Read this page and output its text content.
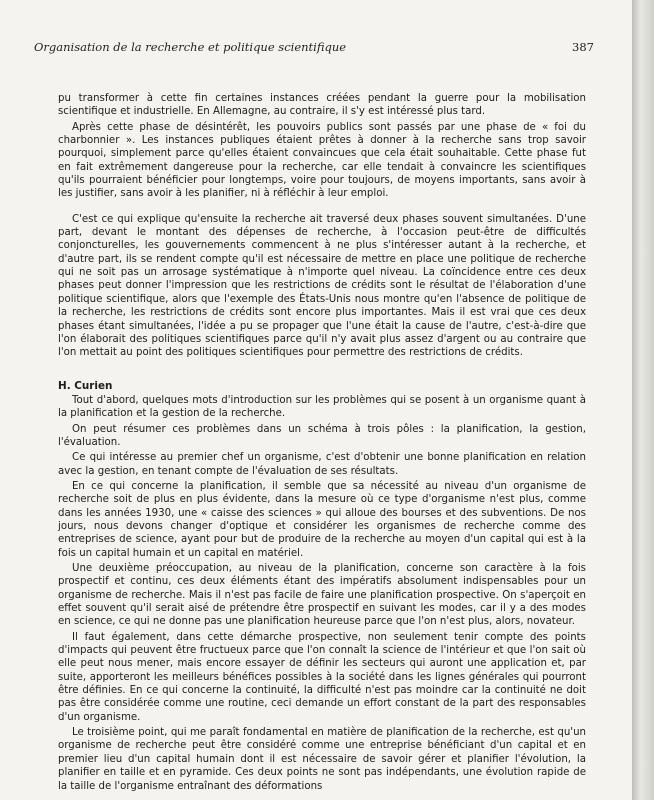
Organisation de la recherche et politique scientifique	387

pu transformer à cette fin certaines instances créées pendant la guerre pour la mobilisation scientifique et industrielle. En Allemagne, au contraire, il s'y est intéressé plus tard.

Après cette phase de désintérêt, les pouvoirs publics sont passés par une phase de « foi du charbonnier ». Les instances publiques étaient prêtes à donner à la recherche sans trop savoir pourquoi, simplement parce qu'elles étaient convaincues que cela était souhaitable. Cette phase fut en fait extrêmement dangereuse pour la recherche, car elle tendait à convaincre les scientifiques qu'ils pourraient bénéficier pour longtemps, voire pour toujours, de moyens importants, sans avoir à les justifier, sans avoir à les planifier, ni à réfléchir à leur emploi.

C'est ce qui explique qu'ensuite la recherche ait traversé deux phases souvent simultanées. D'une part, devant le montant des dépenses de recherche, à l'occasion peut-être de difficultés conjoncturelles, les gouvernements commencent à ne plus s'intéresser autant à la recherche, et d'autre part, ils se rendent compte qu'il est nécessaire de mettre en place une politique de recherche qui ne soit pas un arrosage systématique à n'importe quel niveau. La coïncidence entre ces deux phases peut donner l'impression que les restrictions de crédits sont le résultat de l'élaboration d'une politique scientifique, alors que l'exemple des États-Unis nous montre qu'en l'absence de politique de la recherche, les restrictions de crédits sont encore plus importantes. Mais il est vrai que ces deux phases étant simultanées, l'idée a pu se propager que l'une était la cause de l'autre, c'est-à-dire que l'on élaborait des politiques scientifiques parce qu'il n'y avait plus assez d'argent ou au contraire que l'on mettait au point des politiques scientifiques pour permettre des restrictions de crédits.

H. Curien

Tout d'abord, quelques mots d'introduction sur les problèmes qui se posent à un organisme quant à la planification et la gestion de la recherche.

On peut résumer ces problèmes dans un schéma à trois pôles : la planification, la gestion, l'évaluation.

Ce qui intéresse au premier chef un organisme, c'est d'obtenir une bonne planification en relation avec la gestion, en tenant compte de l'évaluation de ses résultats.

En ce qui concerne la planification, il semble que sa nécessité au niveau d'un organisme de recherche soit de plus en plus évidente, dans la mesure où ce type d'organisme n'est plus, comme dans les années 1930, une « caisse des sciences » qui alloue des bourses et des subventions. De nos jours, nous devons changer d'optique et considérer les organismes de recherche comme des entreprises de science, ayant pour but de produire de la recherche au moyen d'un capital qui est à la fois un capital humain et un capital en matériel.

Une deuxième préoccupation, au niveau de la planification, concerne son caractère à la fois prospectif et continu, ces deux éléments étant des impératifs absolument indispensables pour un organisme de recherche. Mais il n'est pas facile de faire une planification prospective. On s'aperçoit en effet souvent qu'il serait aisé de prétendre être prospectif en suivant les modes, car il y a des modes en science, ce qui ne donne pas une planification heureuse parce que l'on n'est plus, alors, novateur.

Il faut également, dans cette démarche prospective, non seulement tenir compte des points d'impacts qui peuvent être fructueux parce que l'on connaît la science de l'intérieur et que l'on sait où elle peut nous mener, mais encore essayer de définir les secteurs qui auront une application et, par suite, apporteront les meilleurs bénéfices possibles à la société dans les lignes générales qui pourront être définies. En ce qui concerne la continuité, la difficulté n'est pas moindre car la continuité ne doit pas être considérée comme une routine, ceci demande un effort constant de la part des responsables d'un organisme.

Le troisième point, qui me paraît fondamental en matière de planification de la recherche, est qu'un organisme de recherche peut être considéré comme une entreprise bénéficiant d'un capital et en premier lieu d'un capital humain dont il est nécessaire de savoir gérer et planifier l'évolution, la planifier en taille et en pyramide. Ces deux points ne sont pas indépendants, une évolution rapide de la taille de l'organisme entraînant des déformations
